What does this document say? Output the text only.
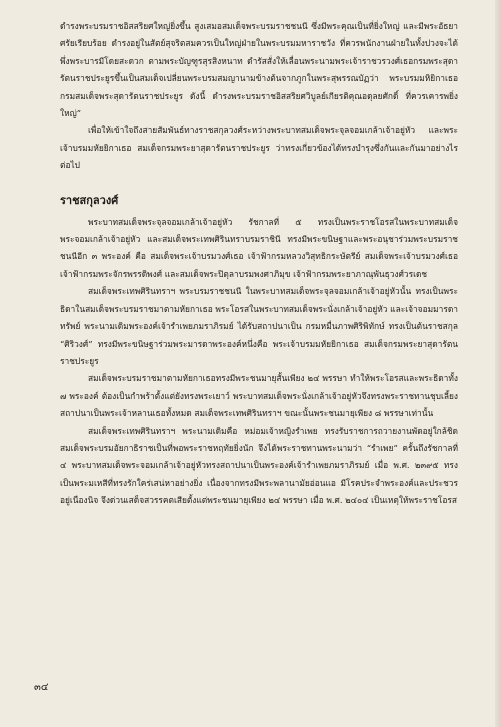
ดำรงพระบรมราชอิสสริยศใหญ่ยิ่งขึ้น สูงเสมอสมเด็จพระบรมราชชนนี ซึ่งมีพระคุณเป็นที่ยิ่งใหญ่ และมีพระอัธยาศรัยเรียบร้อย ดำรงอยู่ในสัตย์สุจริตสมควรเป็นใหญ่ฝ่ายในพระบรมมหาราชวัง ที่ควรพนักงานฝ่ายในทั้งปวงจะได้พึ่งพระบารมีโดยสะดวก ตามพระบัญฑูรสุรสิงหนาท ดำรัสสั่งให้เลื่อนพระนามพระเจ้าราชวรวงศ์เธอกรมพระสุดารัตนราชประยูรขึ้นเป็นสมเด็จเปลี่ยนพระบรมสมญานามข้างต้นจากภูกในพระสุพรรณบัฏว่า พระบรมมหิยิกาเธอ กรมสมเด็จพระสุดารัตนราชประยูร ดังนี้ ดำรงพระบรมราชอิสสริยศวิบูลย์เกียรติคุณอดุลยศักดิ์ ที่ควรเคารพยิ่งใหญ่”

เพื่อให้เข้าใจถึงสายสัมพันธ์ทางราชสกุลวงศ์ระหว่างพระบาทสมเด็จพระจุลจอมเกล้าเจ้าอยู่หัว และพระเจ้าบรมมหัยยิกาเธอ สมเด็จกรมพระยาสุดารัตนราชประยูร ว่าทรงเกี่ยวข้องได้ทรงบำรุงซึ่งกันและกันมาอย่างไรต่อไป

ราชสกุลวงศ์

พระบาทสมเด็จพระจุลจอมเกล้าเจ้าอยู่หัว รัชกาลที่ ๕ ทรงเป็นพระราชโอรสในพระบาทสมเด็จพระจอมเกล้าเจ้าอยู่หัว และสมเด็จพระเทพศิรินทราบรมราชินี ทรงมีพระขนิษฐาและพระอนุชาร่วมพระบรมราชชนนีอีก ๓ พระองค์ คือ สมเด็จพระเจ้าบรมวงศ์เธอ เจ้าฟ้ากรมหลวงวิสุทธิกระษัตรีย์ สมเด็จพระเจ้าบรมวงศ์เธอ เจ้าฟ้ากรมพระจักรพรรดิพงศ์ และสมเด็จพระปิตุลาบรมพงศาภิมุข เจ้าฟ้ากรมพระยาภาณุพันธุวงศ์วรเดช

สมเด็จพระเทพศิรินทราฯ พระบรมราชชนนี ในพระบาทสมเด็จพระจุลจอมเกล้าเจ้าอยู่หัวนั้น ทรงเป็นพระธิดาในสมเด็จพระบรมราชมาตามหัยกาเธอ พระโอรสในพระบาทสมเด็จพระนั่งเกล้าเจ้าอยู่หัว และเจ้าจอมมารดาทรัพย์ พระนามเดิมพระองค์เจ้ารำเพยภมราภิรมย์ ได้รับสถาปนาเป็น กรมหมื่นภาพศิริพิทักษ์ ทรงเป็นต้นราชสกุล “ศิริวงศ์” ทรงมีพระขนิษฐาร่วมพระมารดาพระองค์หนึ่งคือ พระเจ้าบรมมหัยยิกาเธอ สมเด็จกรมพระยาสุดารัตนราชประยูร

สมเด็จพระบรมราชมาตามหัยกาเธอทรงมีพระชนมายุสั้นเพียง ๒๔ พรรษา ทำให้พระโอรสและพระธิดาทั้ง ๗ พระองค์ ต้องเป็นกำพร้าตั้งแต่ยังทรงพระเยาว์ พระบาทสมเด็จพระนั่งเกล้าเจ้าอยู่หัวจึงทรงพระราชทานชุบเลี้ยงสถาปนาเป็นพระเจ้าหลานเธอทั้งหมด สมเด็จพระเทพศิรินทราฯ ขณะนั้นพระชนมายุเพียง ๘ พรรษาเท่านั้น

สมเด็จพระเทพศิรินทราฯ พระนามเดิมคือ หม่อมเจ้าหญิงรำเพย ทรงรับราชการถวายงานพัดอยู่ใกล้ชิดสมเด็จพระบรมอัยกาธิราชเป็นที่พอพระราชหฤทัยยิ่งนัก จึงได้พระราชทานพระนามว่า “รำเพย” ครั้นถึงรัชกาลที่ ๔ พระบาทสมเด็จพระจอมเกล้าเจ้าอยู่หัวทรงสถาปนาเป็นพระองค์เจ้ารำเพยภมราภิรมย์ เมื่อ พ.ศ. ๒๓๙๕ ทรงเป็นพระมเหสีที่ทรงรักใคร่เสน่หาอย่างยิ่ง เนื่องจากทรงมีพระพลานามัยอ่อนแอ มีโรคประจำพระองค์และประชวรอยู่เนืองนิจ จึงด่วนเสด็จสวรรคตเสียตั้งแต่พระชนมายุเพียง ๒๔ พรรษา เมื่อ พ.ศ. ๒๔๐๔ เป็นเหตุให้พระราชโอรส

๓๔
